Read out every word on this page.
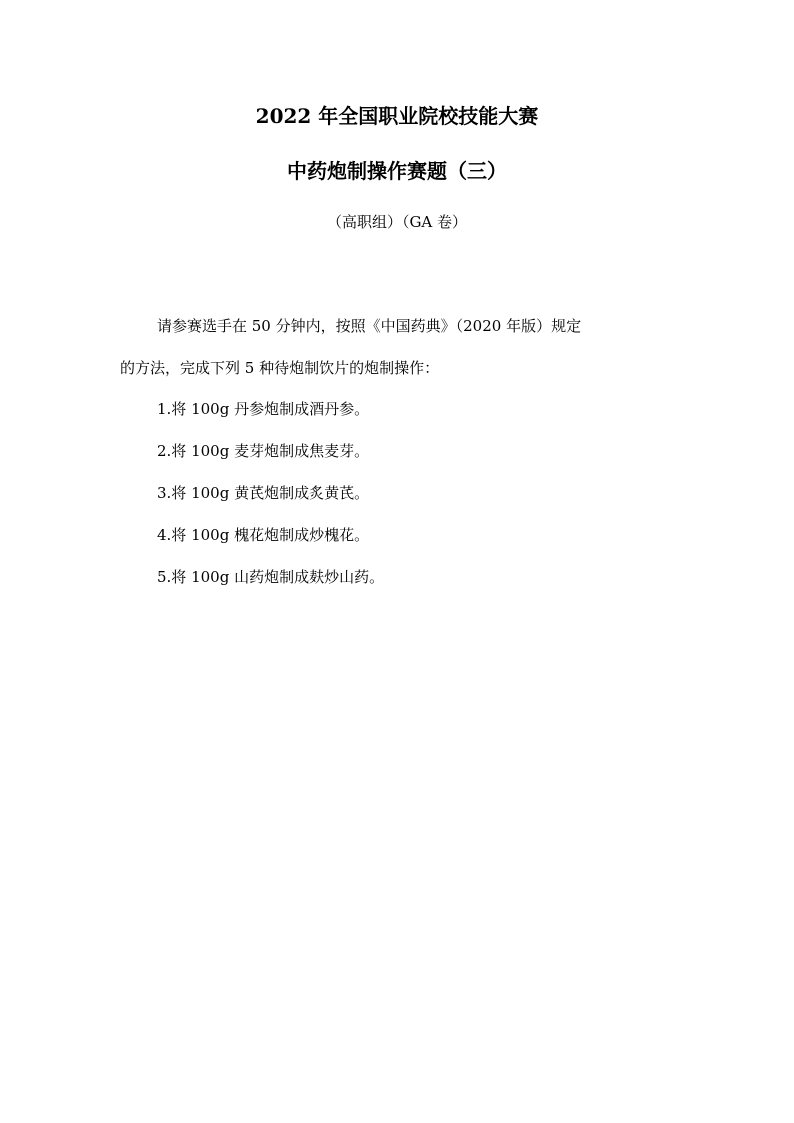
2022 年全国职业院校技能大赛
中药炮制操作赛题（三）
（高职组）（GA 卷）
请参赛选手在 50 分钟内，按照《中国药典》（2020 年版）规定
的方法，完成下列 5 种待炮制饮片的炮制操作：
1.将 100g 丹参炮制成酒丹参。
2.将 100g 麦芽炮制成焦麦芽。
3.将 100g 黄芪炮制成炙黄芪。
4.将 100g 槐花炮制成炒槐花。
5.将 100g 山药炮制成麸炒山药。
